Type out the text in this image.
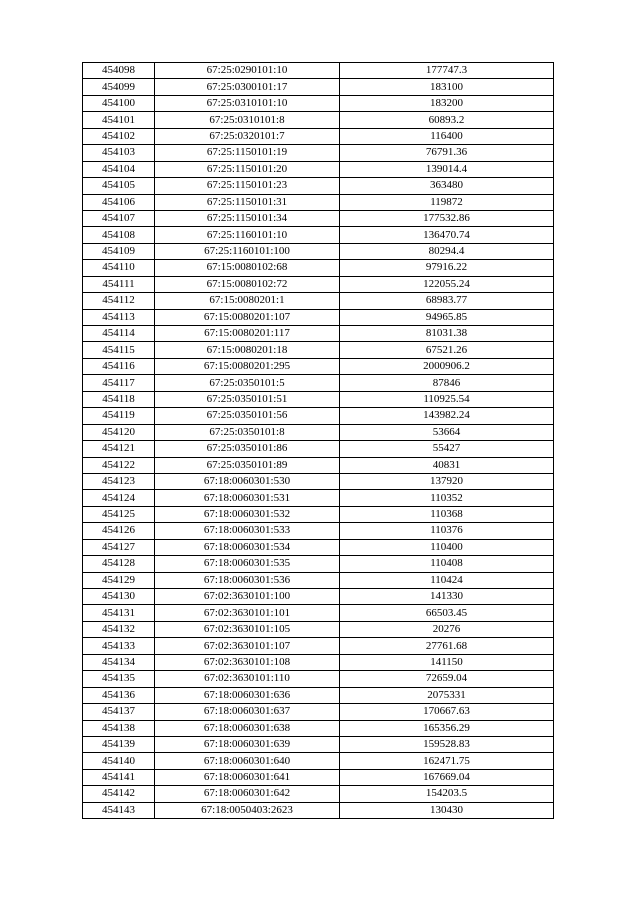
454098	67:25:0290101:10	177747.3
454099	67:25:0300101:17	183100
454100	67:25:0310101:10	183200
454101	67:25:0310101:8	60893.2
454102	67:25:0320101:7	116400
454103	67:25:1150101:19	76791.36
454104	67:25:1150101:20	139014.4
454105	67:25:1150101:23	363480
454106	67:25:1150101:31	119872
454107	67:25:1150101:34	177532.86
454108	67:25:1160101:10	136470.74
454109	67:25:1160101:100	80294.4
454110	67:15:0080102:68	97916.22
454111	67:15:0080102:72	122055.24
454112	67:15:0080201:1	68983.77
454113	67:15:0080201:107	94965.85
454114	67:15:0080201:117	81031.38
454115	67:15:0080201:18	67521.26
454116	67:15:0080201:295	2000906.2
454117	67:25:0350101:5	87846
454118	67:25:0350101:51	110925.54
454119	67:25:0350101:56	143982.24
454120	67:25:0350101:8	53664
454121	67:25:0350101:86	55427
454122	67:25:0350101:89	40831
454123	67:18:0060301:530	137920
454124	67:18:0060301:531	110352
454125	67:18:0060301:532	110368
454126	67:18:0060301:533	110376
454127	67:18:0060301:534	110400
454128	67:18:0060301:535	110408
454129	67:18:0060301:536	110424
454130	67:02:3630101:100	141330
454131	67:02:3630101:101	66503.45
454132	67:02:3630101:105	20276
454133	67:02:3630101:107	27761.68
454134	67:02:3630101:108	141150
454135	67:02:3630101:110	72659.04
454136	67:18:0060301:636	2075331
454137	67:18:0060301:637	170667.63
454138	67:18:0060301:638	165356.29
454139	67:18:0060301:639	159528.83
454140	67:18:0060301:640	162471.75
454141	67:18:0060301:641	167669.04
454142	67:18:0060301:642	154203.5
454143	67:18:0050403:2623	130430
